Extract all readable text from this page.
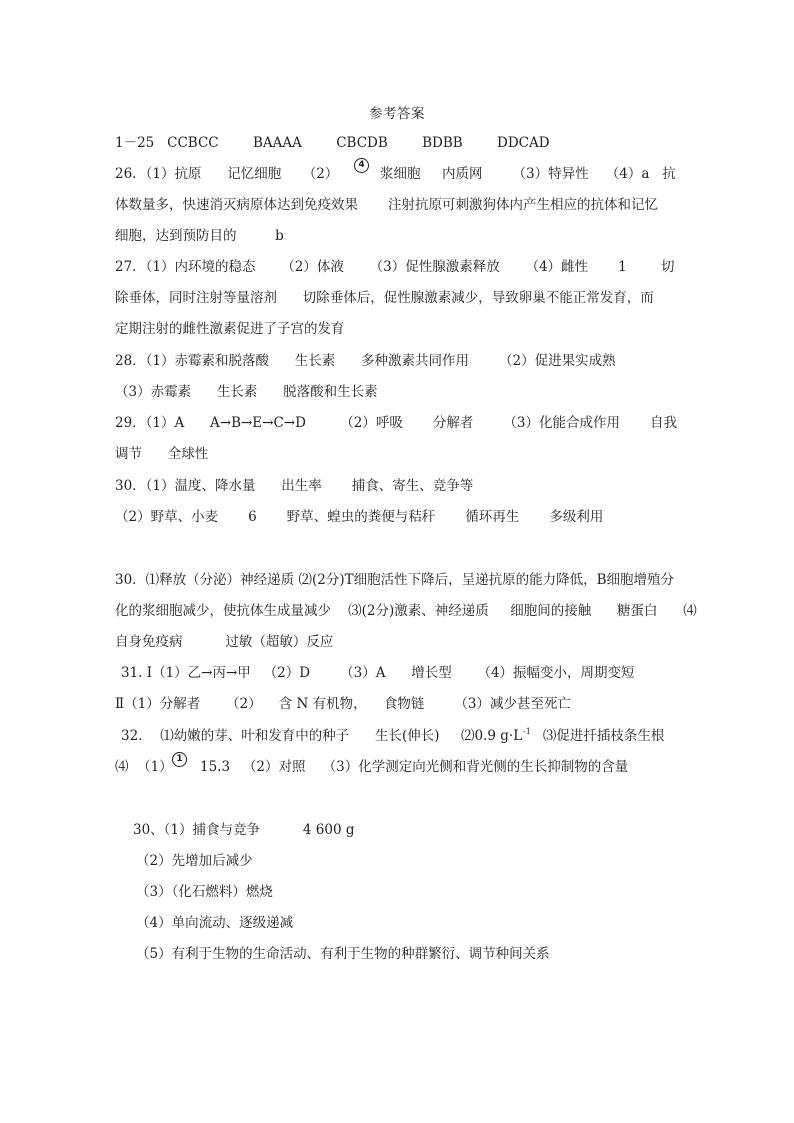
参考答案
1－25   CCBCC        BAAAA        CBCDB        BDBB        DDCAD
26．（1）抗原      记忆细胞     （2）
4
浆细胞     内质网       （3）特异性    （4）a   抗
体数量多，快速消灭病原体达到免疫效果       注射抗原可刺激狗体内产生相应的抗体和记忆
细胞，达到预防目的         b
27．（1）内环境的稳态      （2）体液      （3）促性腺激素释放      （4）雌性       1        切
除垂体，同时注射等量溶剂      切除垂体后，促性腺激素减少，导致卵巢不能正常发育，而
定期注射的雌性激素促进了子宫的发育
28．（1）赤霉素和脱落酸      生长素      多种激素共同作用       （2）促进果实成熟
（3）赤霉素      生长素      脱落酸和生长素
29．（1）A      A→B→E→C→D        （2）呼吸       分解者       （3）化能合成作用       自我
调节      全球性
30．（1）温度、降水量      出生率       捕食、寄生、竞争等
（2）野草、小麦       6       野草、蝗虫的粪便与秸秆       循环再生       多级利用
30．⑴释放（分泌）神经递质 ⑵(2分)T细胞活性下降后，呈递抗原的能力降低，B细胞增殖分
化的浆细胞减少，使抗体生成量减少    ⑶(2分)激素、神经递质     细胞间的接触      糖蛋白      ⑷
自身免疫病          过敏（超敏）反应
31. Ⅰ（1）乙→丙→甲   （2）D       （3）A      增长型      （4）振幅变小，周期变短
Ⅱ（1）分解者      （2）    含 N 有机物，    食物链       （3）减少甚至死亡
32．  ⑴幼嫩的芽、叶和发育中的种子      生长(伸长)     ⑵0.9 g·L -1 ⑶促进扦插枝条生根
⑷  （1） 1	15.3   （2）对照    （3）化学测定向光侧和背光侧的生长抑制物的含量
30、（1）捕食与竞争          4 600 g
（2）先增加后减少
（3）（化石燃料）燃烧
（4）单向流动、逐级递减
（5）有利于生物的生命活动、有利于生物的种群繁衍、调节种间关系
